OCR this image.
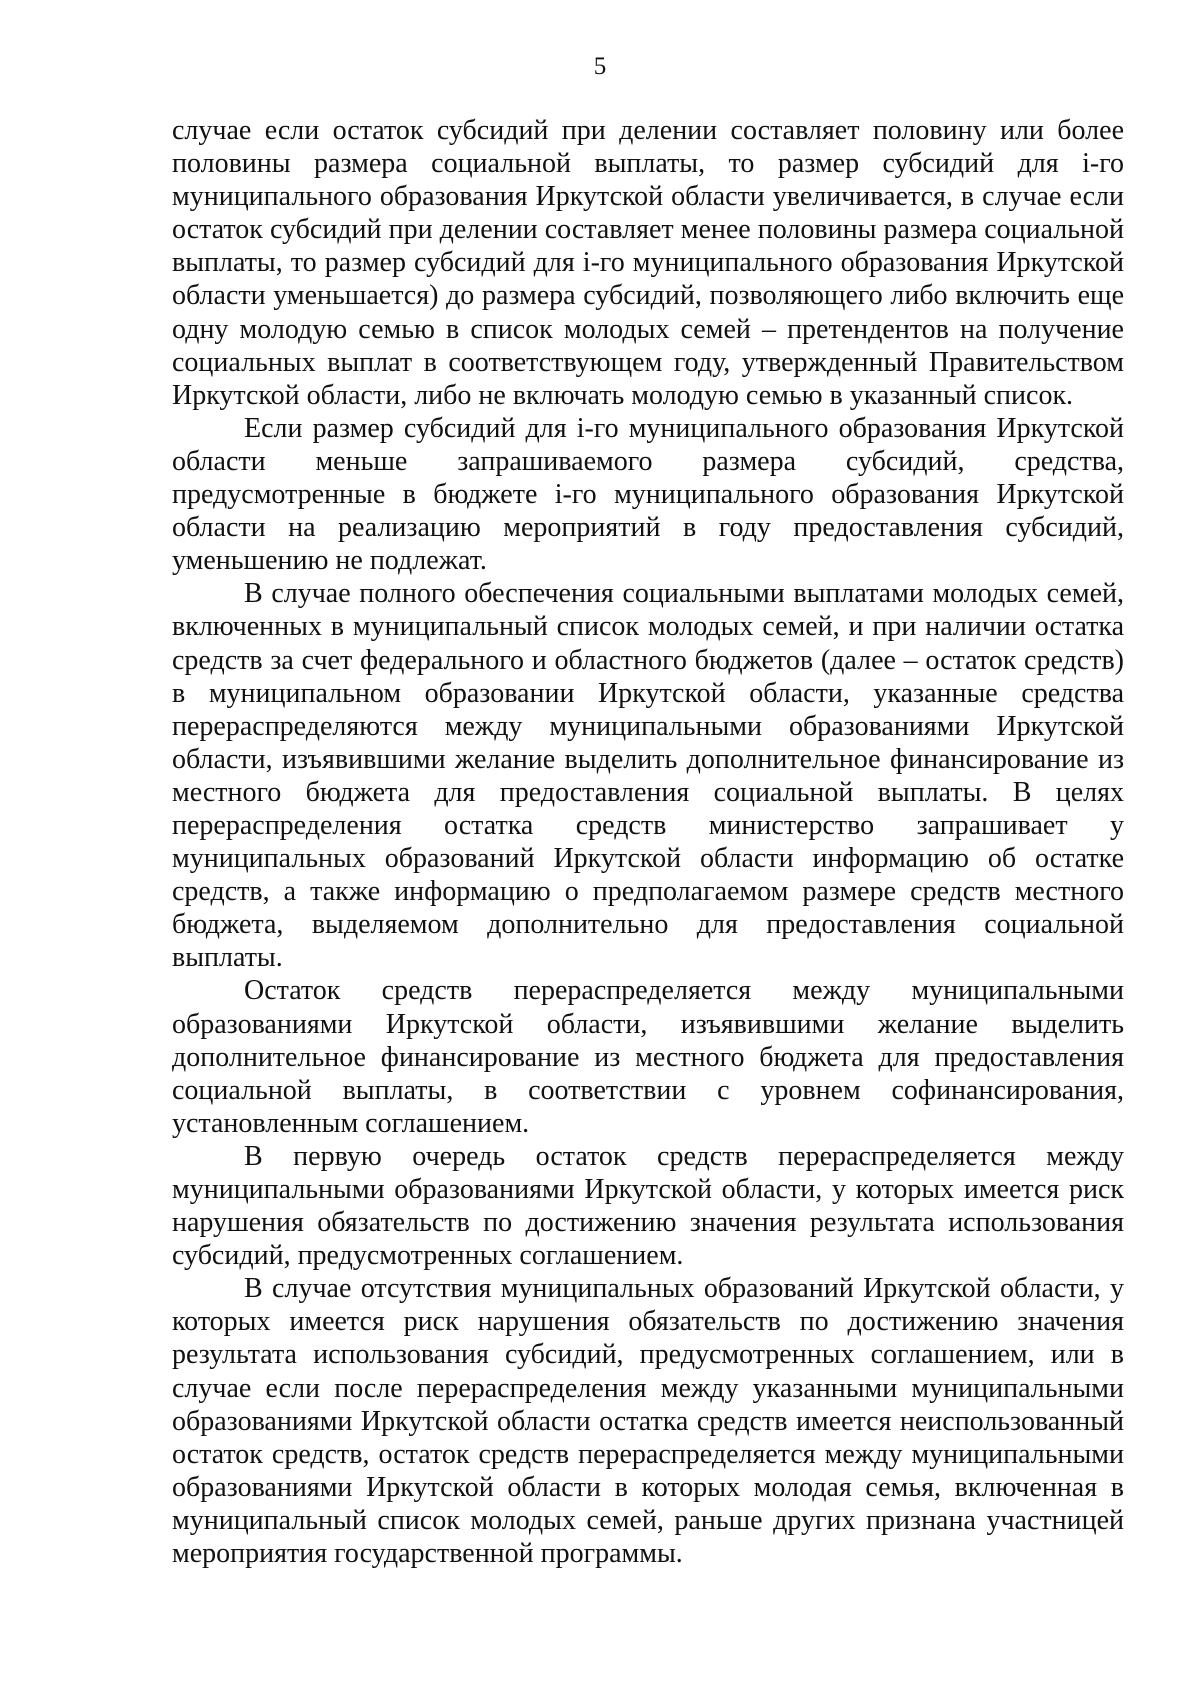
5

случае если остаток субсидий при делении составляет половину или более половины размера социальной выплаты, то размер субсидий для i-го муниципального образования Иркутской области увеличивается, в случае если остаток субсидий при делении составляет менее половины размера социальной выплаты, то размер субсидий для i-го муниципального образования Иркутской области уменьшается) до размера субсидий, позволяющего либо включить еще одну молодую семью в список молодых семей – претендентов на получение социальных выплат в соответствующем году, утвержденный Правительством Иркутской области, либо не включать молодую семью в указанный список.

Если размер субсидий для i-го муниципального образования Иркутской области меньше запрашиваемого размера субсидий, средства, предусмотренные в бюджете i-го муниципального образования Иркутской области на реализацию мероприятий в году предоставления субсидий, уменьшению не подлежат.

В случае полного обеспечения социальными выплатами молодых семей, включенных в муниципальный список молодых семей, и при наличии остатка средств за счет федерального и областного бюджетов (далее – остаток средств) в муниципальном образовании Иркутской области, указанные средства перераспределяются между муниципальными образованиями Иркутской области, изъявившими желание выделить дополнительное финансирование из местного бюджета для предоставления социальной выплаты. В целях перераспределения остатка средств министерство запрашивает у муниципальных образований Иркутской области информацию об остатке средств, а также информацию о предполагаемом размере средств местного бюджета, выделяемом дополнительно для предоставления социальной выплаты.

Остаток средств перераспределяется между муниципальными образованиями Иркутской области, изъявившими желание выделить дополнительное финансирование из местного бюджета для предоставления социальной выплаты, в соответствии с уровнем софинансирования, установленным соглашением.

В первую очередь остаток средств перераспределяется между муниципальными образованиями Иркутской области, у которых имеется риск нарушения обязательств по достижению значения результата использования субсидий, предусмотренных соглашением.

В случае отсутствия муниципальных образований Иркутской области, у которых имеется риск нарушения обязательств по достижению значения результата использования субсидий, предусмотренных соглашением, или в случае если после перераспределения между указанными муниципальными образованиями Иркутской области остатка средств имеется неиспользованный остаток средств, остаток средств перераспределяется между муниципальными образованиями Иркутской области в которых молодая семья, включенная в муниципальный список молодых семей, раньше других признана участницей мероприятия государственной программы.
